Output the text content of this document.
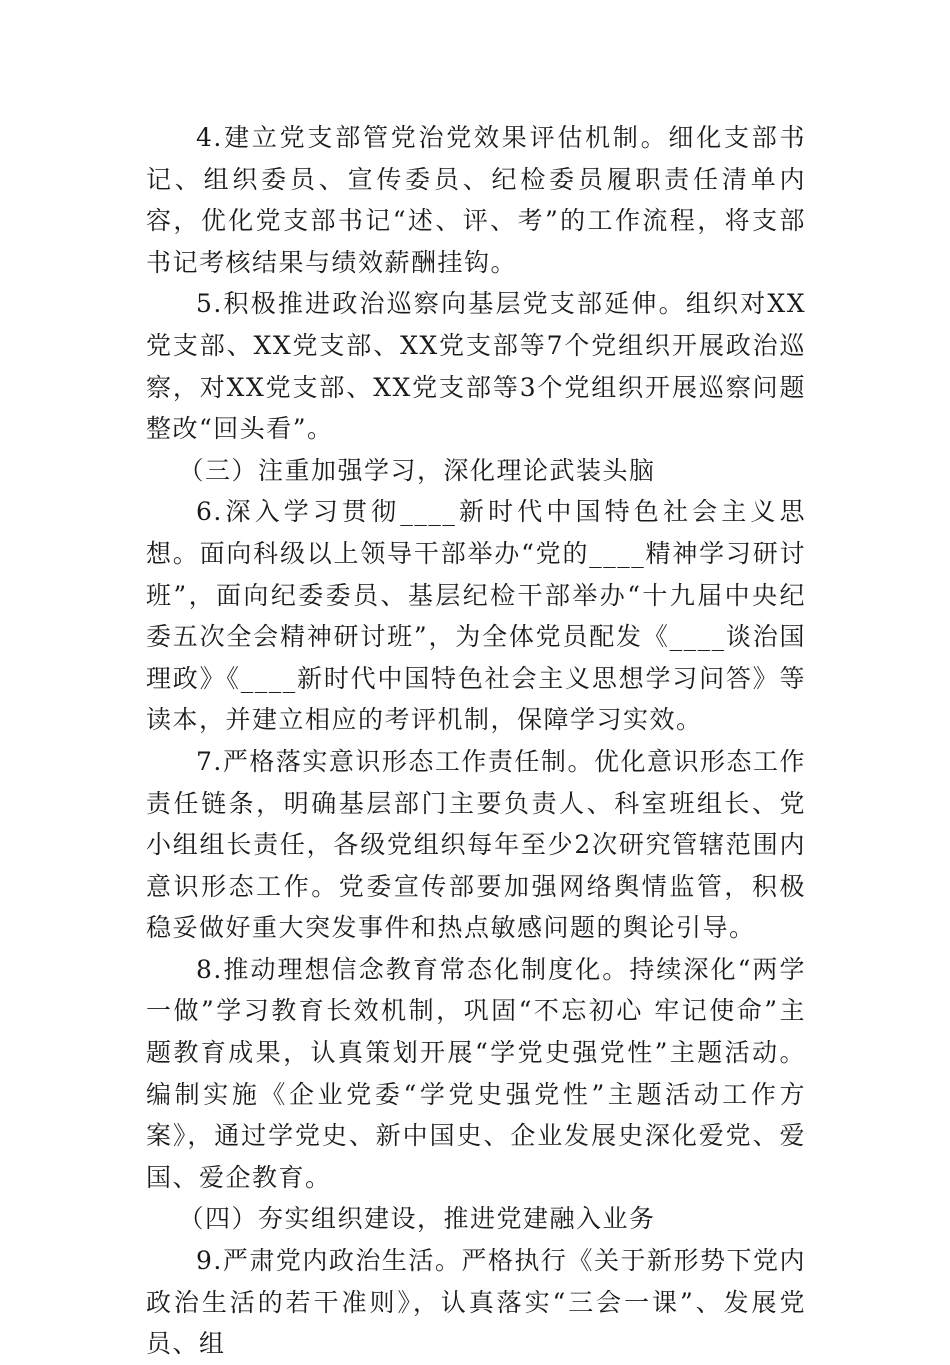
4.建立党支部管党治党效果评估机制。细化支部书记、组织委员、宣传委员、纪检委员履职责任清单内容，优化党支部书记“述、评、考”的工作流程，将支部书记考核结果与绩效薪酬挂钩。

5.积极推进政治巡察向基层党支部延伸。组织对XX党支部、XX党支部、XX党支部等7个党组织开展政治巡察，对XX党支部、XX党支部等3个党组织开展巡察问题整改“回头看”。

（三）注重加强学习，深化理论武装头脑

6.深入学习贯彻____新时代中国特色社会主义思想。面向科级以上领导干部举办“党的____精神学习研讨班”，面向纪委委员、基层纪检干部举办“十九届中央纪委五次全会精神研讨班”，为全体党员配发《____谈治国理政》《____新时代中国特色社会主义思想学习问答》等读本，并建立相应的考评机制，保障学习实效。

7.严格落实意识形态工作责任制。优化意识形态工作责任链条，明确基层部门主要负责人、科室班组长、党小组组长责任，各级党组织每年至少2次研究管辖范围内意识形态工作。党委宣传部要加强网络舆情监管，积极稳妥做好重大突发事件和热点敏感问题的舆论引导。

8.推动理想信念教育常态化制度化。持续深化“两学一做”学习教育长效机制，巩固“不忘初心 牢记使命”主题教育成果，认真策划开展“学党史强党性”主题活动。编制实施《企业党委“学党史强党性”主题活动工作方案》，通过学党史、新中国史、企业发展史深化爱党、爱国、爱企教育。

（四）夯实组织建设，推进党建融入业务

9.严肃党内政治生活。严格执行《关于新形势下党内政治生活的若干准则》，认真落实“三会一课”、发展党员、组
